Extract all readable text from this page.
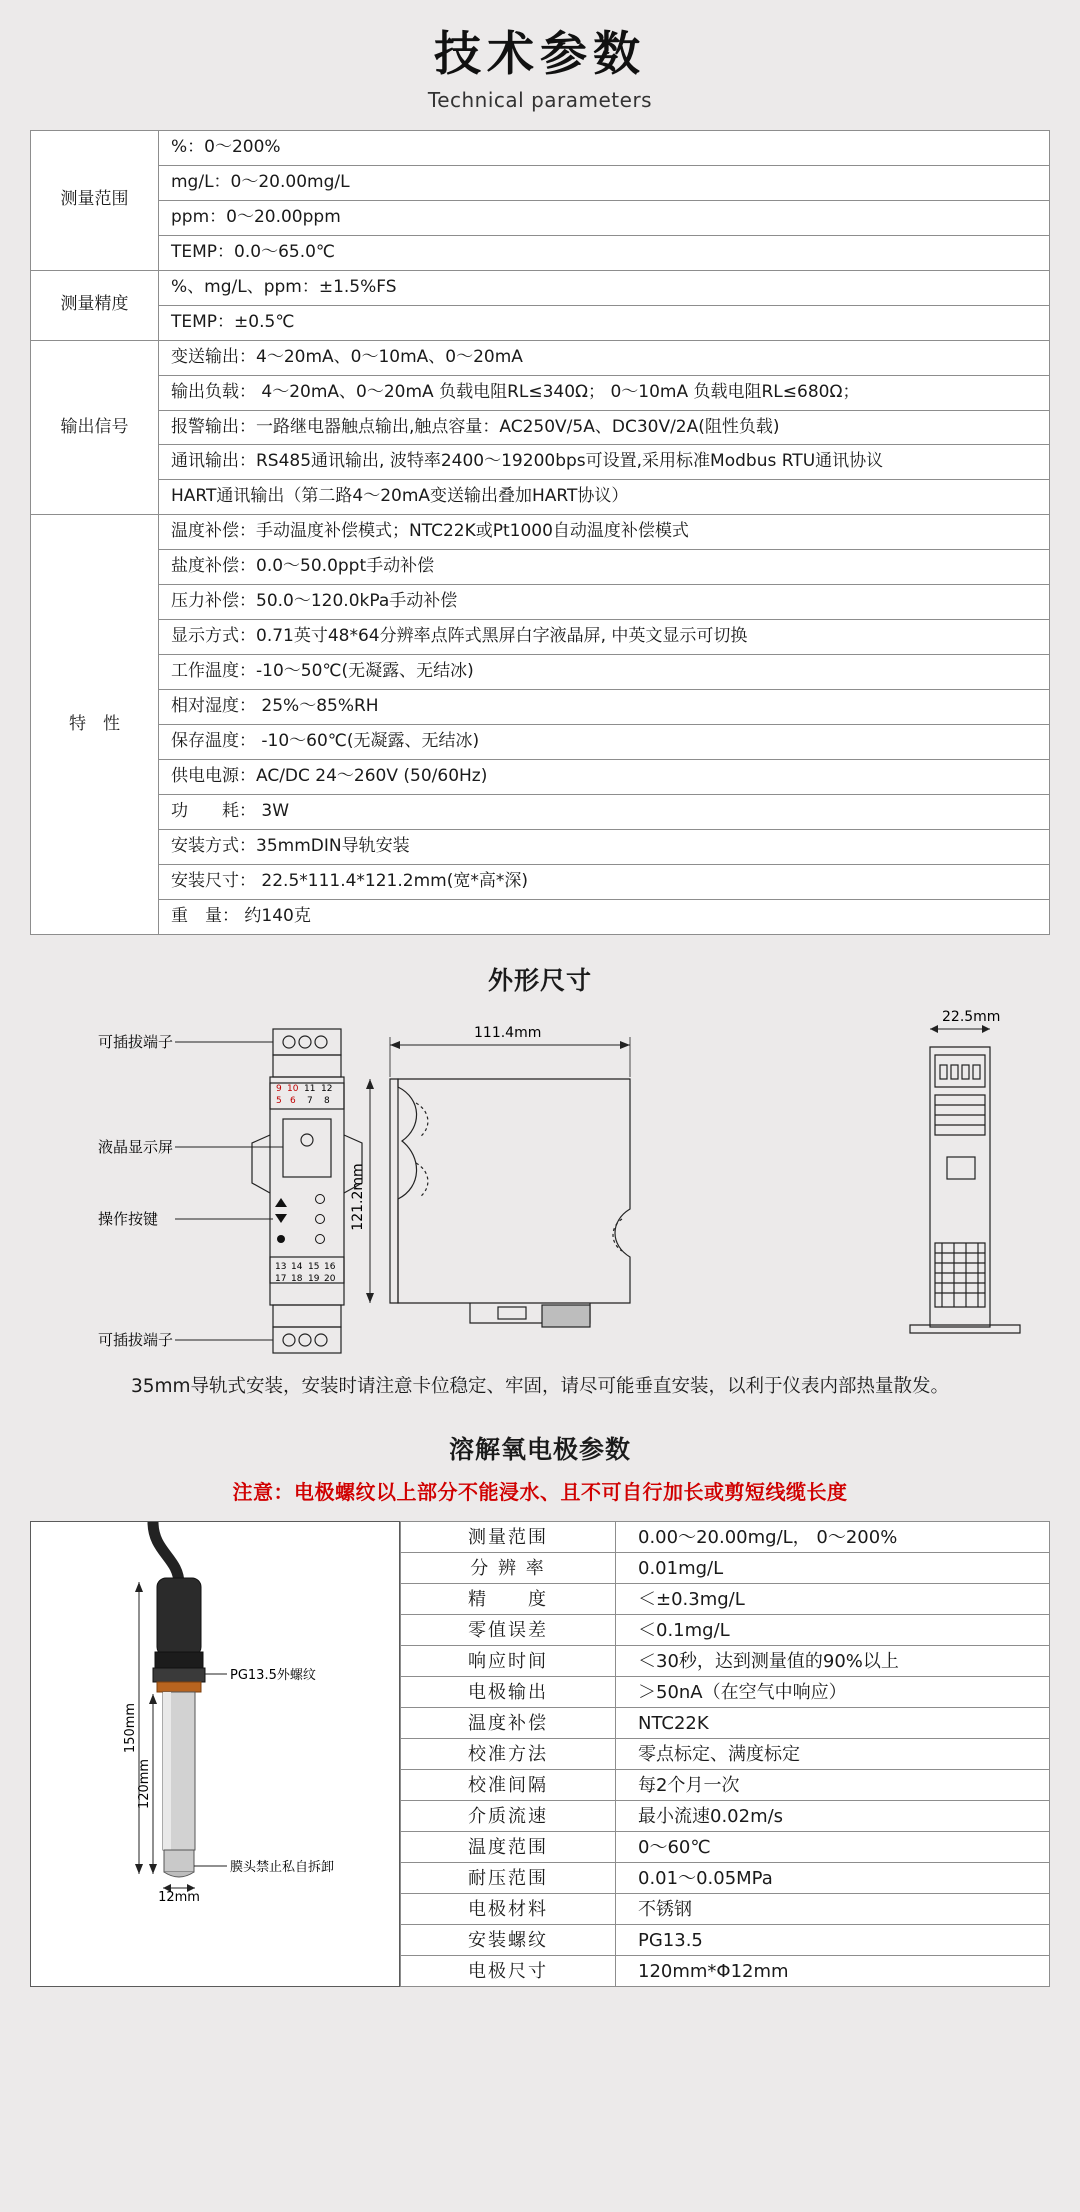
技术参数
Technical parameters
测量范围	%：0～200%
	mg/L：0～20.00mg/L
	ppm：0～20.00ppm
	TEMP：0.0～65.0℃
测量精度	%、mg/L、ppm：±1.5%FS
	TEMP：±0.5℃
输出信号	变送输出：4～20mA、0～10mA、0～20mA
	输出负载： 4～20mA、0～20mA 负载电阻RL≤340Ω； 0～10mA 负载电阻RL≤680Ω；
	报警输出：一路继电器触点输出,触点容量：AC250V/5A、DC30V/2A(阻性负载)
	通讯输出：RS485通讯输出, 波特率2400～19200bps可设置,采用标准Modbus RTU通讯协议
	HART通讯输出（第二路4～20mA变送输出叠加HART协议）
特　性	温度补偿：手动温度补偿模式；NTC22K或Pt1000自动温度补偿模式
	盐度补偿：0.0～50.0ppt手动补偿
	压力补偿：50.0～120.0kPa手动补偿
	显示方式：0.71英寸48*64分辨率点阵式黑屏白字液晶屏, 中英文显示可切换
	工作温度：-10～50℃(无凝露、无结冰)
	相对湿度： 25%～85%RH
	保存温度： -10～60℃(无凝露、无结冰)
	供电电源：AC/DC 24～260V (50/60Hz)
	功　　耗： 3W
	安装方式：35mmDIN导轨安装
	安装尺寸： 22.5*111.4*121.2mm(宽*高*深)
	重　量： 约140克
外形尺寸
9 10 11 12
5 6 7 8
13 14 15 16
17 18 19 20
可插拔端子
液晶显示屏
操作按键
可插拔端子
111.4mm
22.5mm
121.2mm
35mm导轨式安装，安装时请注意卡位稳定、牢固，请尽可能垂直安装，以利于仪表内部热量散发。
溶解氧电极参数
注意：电极螺纹以上部分不能浸水、且不可自行加长或剪短线缆长度
PG13.5外螺纹
膜头禁止私自拆卸
150mm
120mm
12mm
测量范围	0.00～20.00mg/L， 0～200%
分 辨 率	0.01mg/L
精　　度	＜±0.3mg/L
零值误差	＜0.1mg/L
响应时间	＜30秒，达到测量值的90%以上
电极输出	＞50nA（在空气中响应）
温度补偿	NTC22K
校准方法	零点标定、满度标定
校准间隔	每2个月一次
介质流速	最小流速0.02m/s
温度范围	0～60℃
耐压范围	0.01～0.05MPa
电极材料	不锈钢
安装螺纹	PG13.5
电极尺寸	120mm*Φ12mm
